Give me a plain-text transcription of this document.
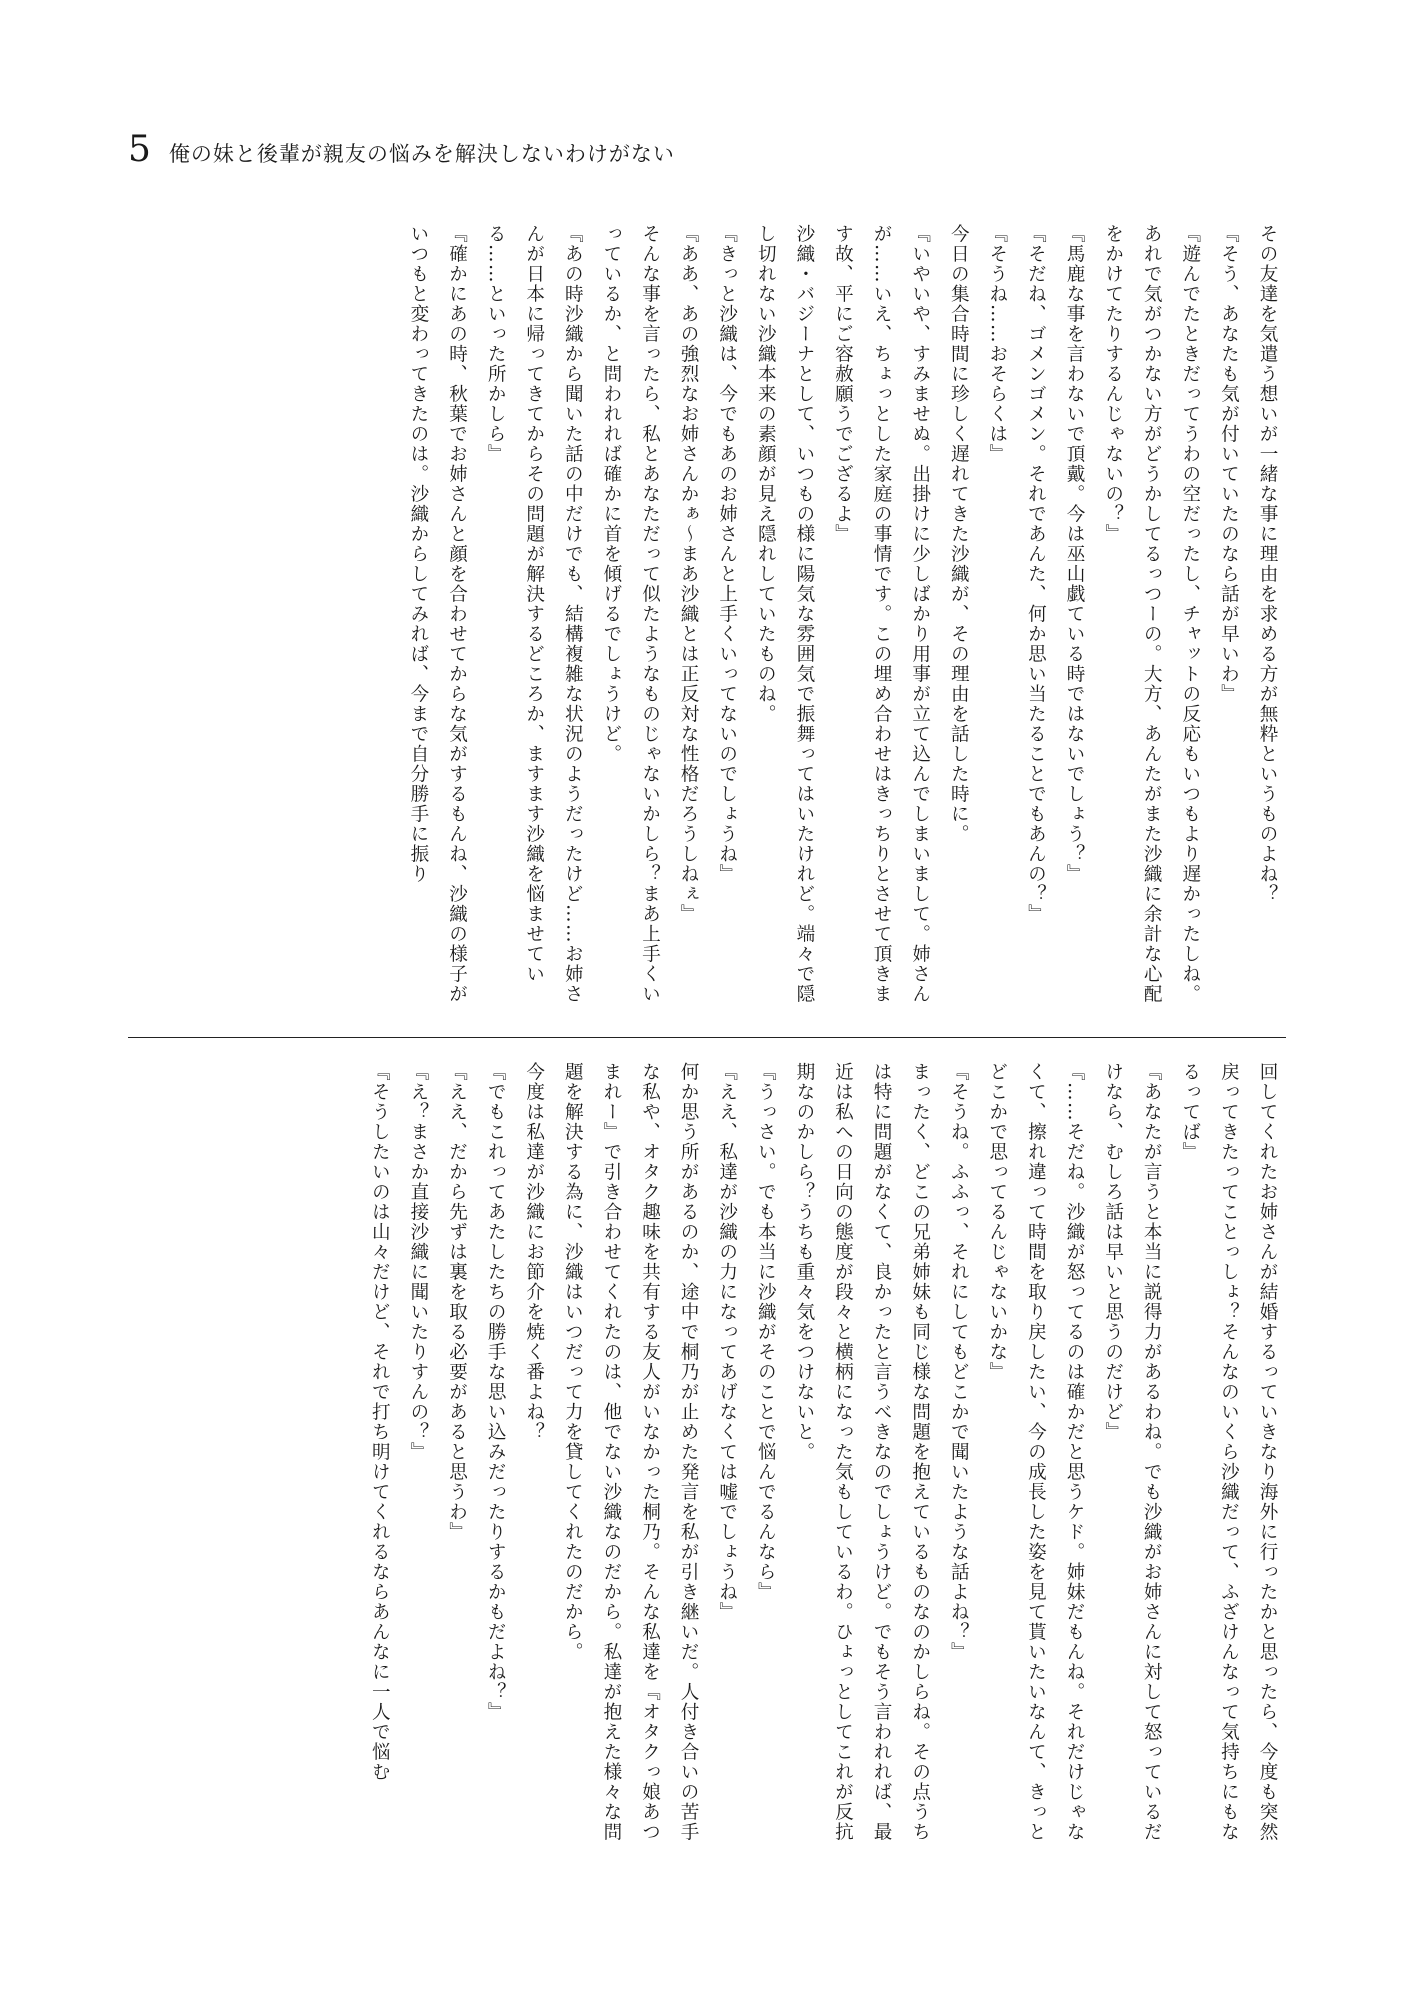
5 俺の妹と後輩が親友の悩みを解決しないわけがない

その友達を気遣う想いが一緒な事に理由を求める方が無粋というものよね？

『そう、あなたも気が付いていたのなら話が早いわ』

『遊んでたときだってうわの空だったし、チャットの反応もいつもより遅かったしね。あれで気がつかない方がどうかしてるっつーの。大方、あんたがまた沙織に余計な心配をかけてたりするんじゃないの？』

『馬鹿な事を言わないで頂戴。今は巫山戯ている時ではないでしょう？』

『そだね、ゴメンゴメン。それであんた、何か思い当たることでもあんの？』

『そうね……おそらくは』

今日の集合時間に珍しく遅れてきた沙織が、その理由を話した時に。

『いやいや、すみませぬ。出掛けに少しばかり用事が立て込んでしまいまして。姉さんが……いえ、ちょっとした家庭の事情です。この埋め合わせはきっちりとさせて頂きます故、平にご容赦願うでござるよ』

沙織・バジーナとして、いつもの様に陽気な雰囲気で振舞ってはいたけれど。端々で隠し切れない沙織本来の素顔が見え隠れしていたものね。

『きっと沙織は、今でもあのお姉さんと上手くいってないのでしょうね』

『ああ、あの強烈なお姉さんかぁ～まあ沙織とは正反対な性格だろうしねぇ』

そんな事を言ったら、私とあなただって似たようなものじゃないかしら？まあ上手くいっているか、と問われれば確かに首を傾げるでしょうけど。

『あの時沙織から聞いた話の中だけでも、結構複雑な状況のようだったけど……お姉さんが日本に帰ってきてからその問題が解決するどころか、ますます沙織を悩ませている……といった所かしら』

『確かにあの時、秋葉でお姉さんと顔を合わせてからな気がするもんね、沙織の様子がいつもと変わってきたのは。沙織からしてみれば、今まで自分勝手に振り

回してくれたお姉さんが結婚するっていきなり海外に行ったかと思ったら、今度も突然戻ってきたってことっしょ？そんなのいくら沙織だって、ふざけんなって気持ちにもなるってば』

『あなたが言うと本当に説得力があるわね。でも沙織がお姉さんに対して怒っているだけなら、むしろ話は早いと思うのだけど』

『……そだね。沙織が怒ってるのは確かだと思うケド。姉妹だもんね。それだけじゃなくて、擦れ違って時間を取り戻したい、今の成長した姿を見て貰いたいなんて、きっとどこかで思ってるんじゃないかな』

『そうね。ふふっ、それにしてもどこかで聞いたような話よね？』

まったく、どこの兄弟姉妹も同じ様な問題を抱えているものなのかしらね。その点うちは特に問題がなくて、良かったと言うべきなのでしょうけど。でもそう言われれば、最近は私への日向の態度が段々と横柄になった気もしているわ。ひょっとしてこれが反抗期なのかしら？うちも重々気をつけないと。

『うっさい。でも本当に沙織がそのことで悩んでるんなら』

『ええ、私達が沙織の力になってあげなくては嘘でしょうね』

何か思う所があるのか、途中で桐乃が止めた発言を私が引き継いだ。人付き合いの苦手な私や、オタク趣味を共有する友人がいなかった桐乃。そんな私達を『オタクっ娘あつまれー』で引き合わせてくれたのは、他でない沙織なのだから。私達が抱えた様々な問題を解決する為に、沙織はいつだって力を貸してくれたのだから。

今度は私達が沙織にお節介を焼く番よね？

『でもこれってあたしたちの勝手な思い込みだったりするかもだよね？』

『ええ、だから先ずは裏を取る必要があると思うわ』

『え？まさか直接沙織に聞いたりすんの？』

『そうしたいのは山々だけど、それで打ち明けてくれるならあんなに一人で悩む
